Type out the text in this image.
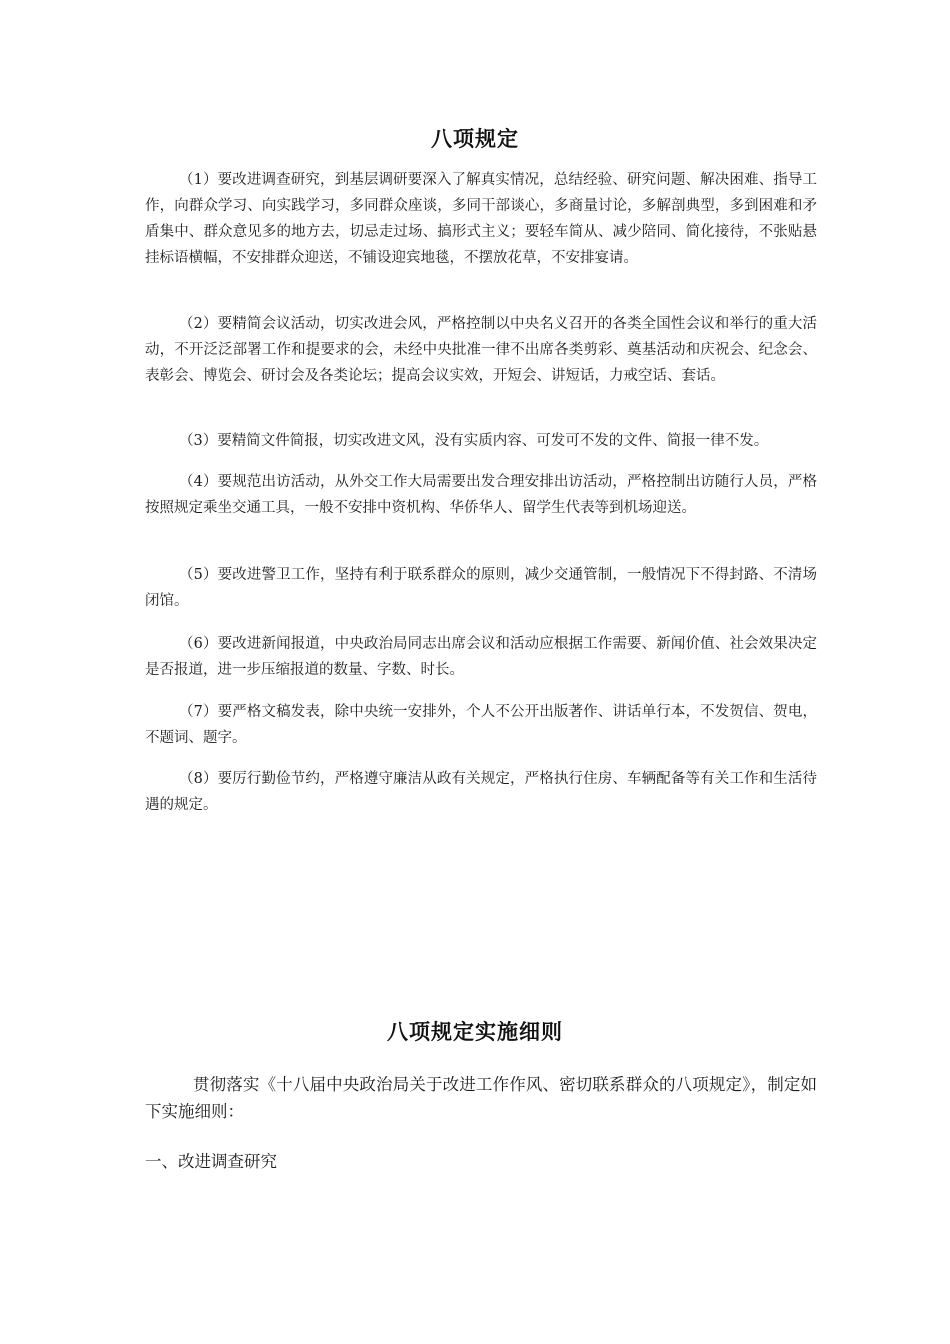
八项规定

（1）要改进调查研究，到基层调研要深入了解真实情况，总结经验、研究问题、解决困难、指导工作，向群众学习、向实践学习，多同群众座谈，多同干部谈心，多商量讨论，多解剖典型，多到困难和矛盾集中、群众意见多的地方去，切忌走过场、搞形式主义；要轻车简从、减少陪同、简化接待，不张贴悬挂标语横幅，不安排群众迎送，不铺设迎宾地毯，不摆放花草，不安排宴请。

（2）要精简会议活动，切实改进会风，严格控制以中央名义召开的各类全国性会议和举行的重大活动，不开泛泛部署工作和提要求的会，未经中央批准一律不出席各类剪彩、奠基活动和庆祝会、纪念会、表彰会、博览会、研讨会及各类论坛；提高会议实效，开短会、讲短话，力戒空话、套话。

（3）要精简文件简报，切实改进文风，没有实质内容、可发可不发的文件、简报一律不发。

（4）要规范出访活动，从外交工作大局需要出发合理安排出访活动，严格控制出访随行人员，严格按照规定乘坐交通工具，一般不安排中资机构、华侨华人、留学生代表等到机场迎送。

（5）要改进警卫工作，坚持有利于联系群众的原则，减少交通管制，一般情况下不得封路、不清场闭馆。

（6）要改进新闻报道，中央政治局同志出席会议和活动应根据工作需要、新闻价值、社会效果决定是否报道，进一步压缩报道的数量、字数、时长。

（7）要严格文稿发表，除中央统一安排外，个人不公开出版著作、讲话单行本，不发贺信、贺电，不题词、题字。

（8）要厉行勤俭节约，严格遵守廉洁从政有关规定，严格执行住房、车辆配备等有关工作和生活待遇的规定。

八项规定实施细则

贯彻落实《十八届中央政治局关于改进工作作风、密切联系群众的八项规定》，制定如下实施细则：

一、改进调查研究
